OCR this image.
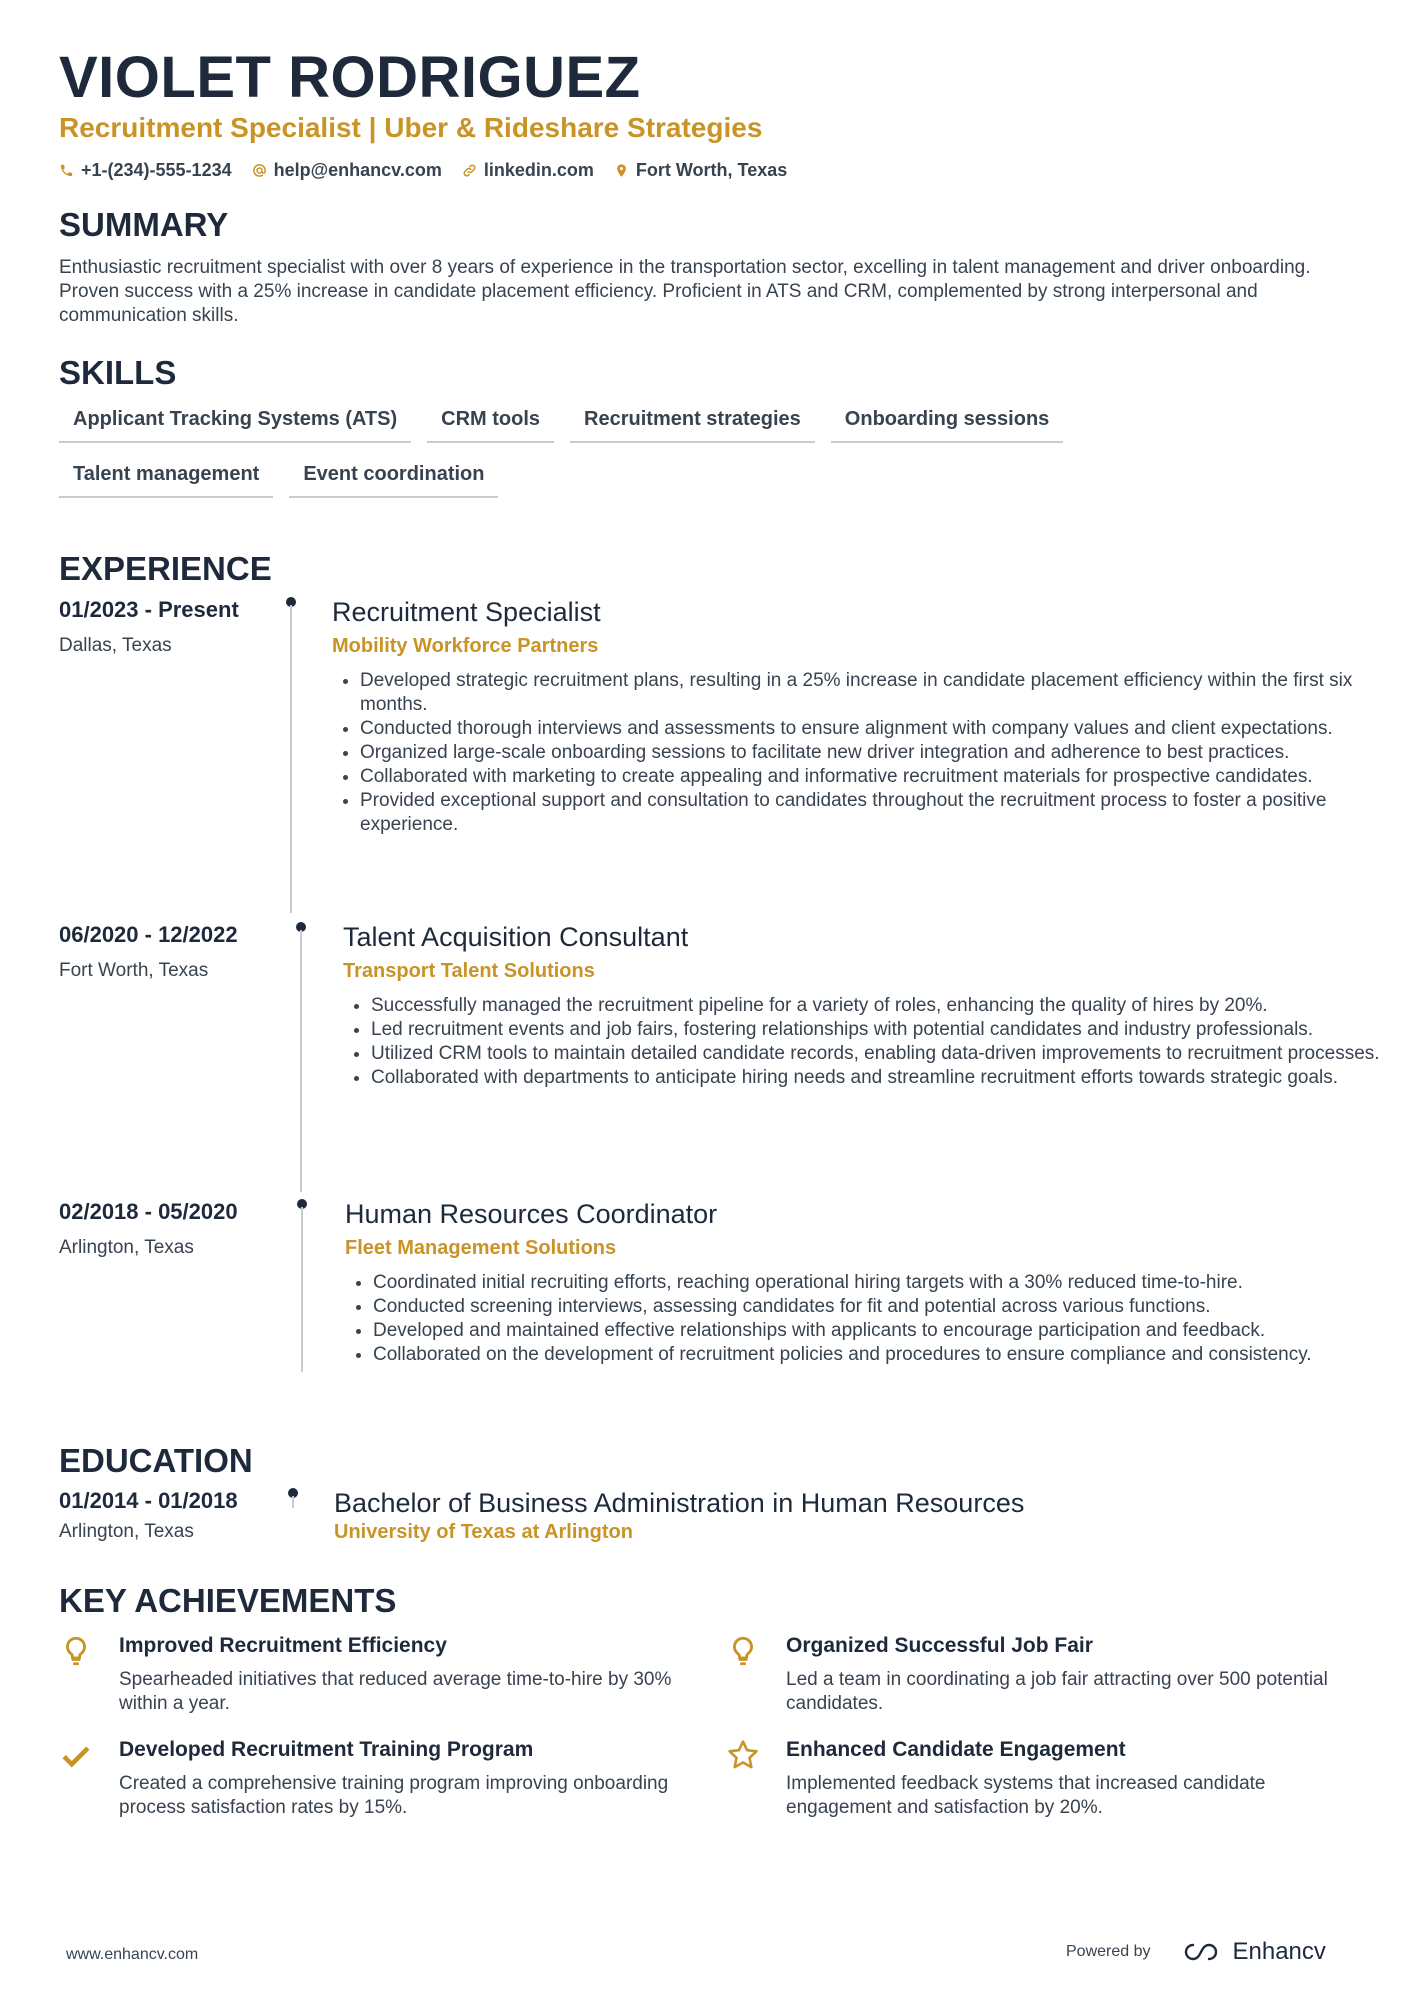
VIOLET RODRIGUEZ
Recruitment Specialist | Uber & Rideshare Strategies
+1-(234)-555-1234 help@enhancv.com linkedin.com Fort Worth, Texas
SUMMARY
Enthusiastic recruitment specialist with over 8 years of experience in the transportation sector, excelling in talent management and driver onboarding. Proven success with a 25% increase in candidate placement efficiency. Proficient in ATS and CRM, complemented by strong interpersonal and communication skills.
SKILLS
Applicant Tracking Systems (ATS)	CRM tools	Recruitment strategies	Onboarding sessions
Talent management	Event coordination
EXPERIENCE
01/2023 - Present
Dallas, Texas
Recruitment Specialist
Mobility Workforce Partners
• Developed strategic recruitment plans, resulting in a 25% increase in candidate placement efficiency within the first six months.
• Conducted thorough interviews and assessments to ensure alignment with company values and client expectations.
• Organized large-scale onboarding sessions to facilitate new driver integration and adherence to best practices.
• Collaborated with marketing to create appealing and informative recruitment materials for prospective candidates.
• Provided exceptional support and consultation to candidates throughout the recruitment process to foster a positive experience.
06/2020 - 12/2022
Fort Worth, Texas
Talent Acquisition Consultant
Transport Talent Solutions
• Successfully managed the recruitment pipeline for a variety of roles, enhancing the quality of hires by 20%.
• Led recruitment events and job fairs, fostering relationships with potential candidates and industry professionals.
• Utilized CRM tools to maintain detailed candidate records, enabling data-driven improvements to recruitment processes.
• Collaborated with departments to anticipate hiring needs and streamline recruitment efforts towards strategic goals.
02/2018 - 05/2020
Arlington, Texas
Human Resources Coordinator
Fleet Management Solutions
• Coordinated initial recruiting efforts, reaching operational hiring targets with a 30% reduced time-to-hire.
• Conducted screening interviews, assessing candidates for fit and potential across various functions.
• Developed and maintained effective relationships with applicants to encourage participation and feedback.
• Collaborated on the development of recruitment policies and procedures to ensure compliance and consistency.
EDUCATION
01/2014 - 01/2018
Arlington, Texas
Bachelor of Business Administration in Human Resources
University of Texas at Arlington
KEY ACHIEVEMENTS
Improved Recruitment Efficiency
Spearheaded initiatives that reduced average time-to-hire by 30% within a year.
Organized Successful Job Fair
Led a team in coordinating a job fair attracting over 500 potential candidates.
Developed Recruitment Training Program
Created a comprehensive training program improving onboarding process satisfaction rates by 15%.
Enhanced Candidate Engagement
Implemented feedback systems that increased candidate engagement and satisfaction by 20%.
www.enhancv.com	Powered by	Enhancv
